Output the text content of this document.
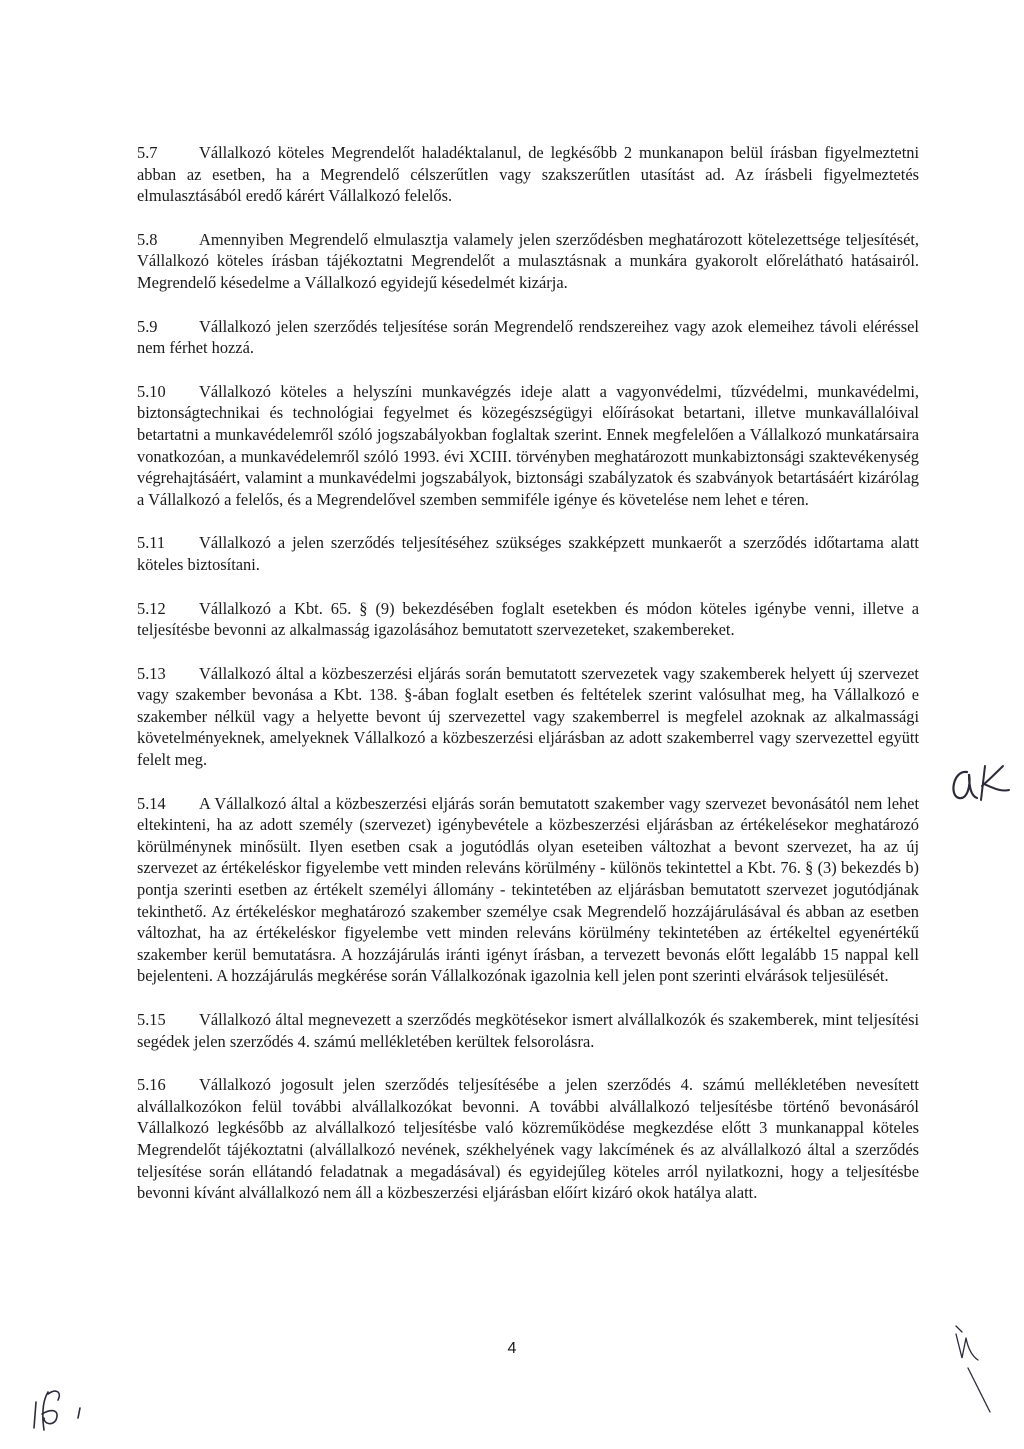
5.7	Vállalkozó köteles Megrendelőt haladéktalanul, de legkésőbb 2 munkanapon belül írásban figyelmeztetni abban az esetben, ha a Megrendelő célszerűtlen vagy szakszerűtlen utasítást ad. Az írásbeli figyelmeztetés elmulasztásából eredő kárért Vállalkozó felelős.

5.8	Amennyiben Megrendelő elmulasztja valamely jelen szerződésben meghatározott kötelezettsége teljesítését, Vállalkozó köteles írásban tájékoztatni Megrendelőt a mulasztásnak a munkára gyakorolt előrelátható hatásairól. Megrendelő késedelme a Vállalkozó egyidejű késedelmét kizárja.

5.9	Vállalkozó jelen szerződés teljesítése során Megrendelő rendszereihez vagy azok elemeihez távoli eléréssel nem férhet hozzá.

5.10 Vállalkozó köteles a helyszíni munkavégzés ideje alatt a vagyonvédelmi, tűzvédelmi, munkavédelmi, biztonságtechnikai és technológiai fegyelmet és közegészségügyi előírásokat betartani, illetve munkavállalóival betartatni a munkavédelemről szóló jogszabályokban foglaltak szerint. Ennek megfelelően a Vállalkozó munkatársaira vonatkozóan, a munkavédelemről szóló 1993. évi XCIII. törvényben meghatározott munkabiztonsági szaktevékenység végrehajtásáért, valamint a munkavédelmi jogszabályok, biztonsági szabályzatok és szabványok betartásáért kizárólag a Vállalkozó a felelős, és a Megrendelővel szemben semmiféle igénye és követelése nem lehet e téren.

5.11 Vállalkozó a jelen szerződés teljesítéséhez szükséges szakképzett munkaerőt a szerződés időtartama alatt köteles biztosítani.

5.12 Vállalkozó a Kbt. 65. § (9) bekezdésében foglalt esetekben és módon köteles igénybe venni, illetve a teljesítésbe bevonni az alkalmasság igazolásához bemutatott szervezeteket, szakembereket.

5.13 Vállalkozó által a közbeszerzési eljárás során bemutatott szervezetek vagy szakemberek helyett új szervezet vagy szakember bevonása a Kbt. 138. §-ában foglalt esetben és feltételek szerint valósulhat meg, ha Vállalkozó e szakember nélkül vagy a helyette bevont új szervezettel vagy szakemberrel is megfelel azoknak az alkalmassági követelményeknek, amelyeknek Vállalkozó a közbeszerzési eljárásban az adott szakemberrel vagy szervezettel együtt felelt meg.

5.14 A Vállalkozó által a közbeszerzési eljárás során bemutatott szakember vagy szervezet bevonásától nem lehet eltekinteni, ha az adott személy (szervezet) igénybevétele a közbeszerzési eljárásban az értékelésekor meghatározó körülménynek minősült. Ilyen esetben csak a jogutódlás olyan eseteiben változhat a bevont szervezet, ha az új szervezet az értékeléskor figyelembe vett minden releváns körülmény - különös tekintettel a Kbt. 76. § (3) bekezdés b) pontja szerinti esetben az értékelt személyi állomány - tekintetében az eljárásban bemutatott szervezet jogutódjának tekinthető. Az értékeléskor meghatározó szakember személye csak Megrendelő hozzájárulásával és abban az esetben változhat, ha az értékeléskor figyelembe vett minden releváns körülmény tekintetében az értékeltel egyenértékű szakember kerül bemutatásra. A hozzájárulás iránti igényt írásban, a tervezett bevonás előtt legalább 15 nappal kell bejelenteni. A hozzájárulás megkérése során Vállalkozónak igazolnia kell jelen pont szerinti elvárások teljesülését.

5.15 Vállalkozó által megnevezett a szerződés megkötésekor ismert alvállalkozók és szakemberek, mint teljesítési segédek jelen szerződés 4. számú mellékletében kerültek felsorolásra.

5.16 Vállalkozó jogosult jelen szerződés teljesítésébe a jelen szerződés 4. számú mellékletében nevesített alvállalkozókon felül további alvállalkozókat bevonni. A további alvállalkozó teljesítésbe történő bevonásáról Vállalkozó legkésőbb az alvállalkozó teljesítésbe való közreműködése megkezdése előtt 3 munkanappal köteles Megrendelőt tájékoztatni (alvállalkozó nevének, székhelyének vagy lakcímének és az alvállalkozó által a szerződés teljesítése során ellátandó feladatnak a megadásával) és egyidejűleg köteles arról nyilatkozni, hogy a teljesítésbe bevonni kívánt alvállalkozó nem áll a közbeszerzési eljárásban előírt kizáró okok hatálya alatt.

4
